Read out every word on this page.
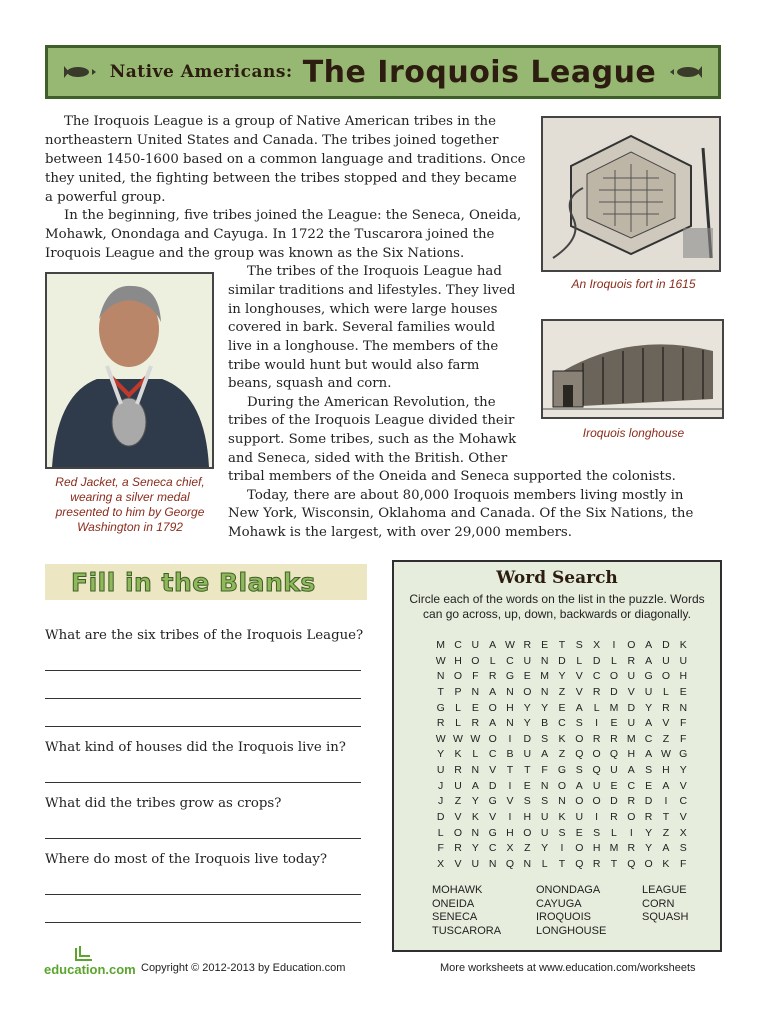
Native Americans: The Iroquois League

The Iroquois League is a group of Native American tribes in the

northeastern United States and Canada. The tribes joined together

between 1450-1600 based on a common language and traditions. Once

they united, the fighting between the tribes stopped and they became

a powerful group.

In the beginning, five tribes joined the League: the Seneca, Oneida,

Mohawk, Onondaga and Cayuga. In 1722 the Tuscarora joined the

Iroquois League and the group was known as the Six Nations.

The tribes of the Iroquois League had

similar traditions and lifestyles. They lived

in longhouses, which were large houses

covered in bark. Several families would

live in a longhouse. The members of the

tribe would hunt but would also farm

beans, squash and corn.

During the American Revolution, the

tribes of the Iroquois League divided their

support. Some tribes, such as the Mohawk

and Seneca, sided with the British. Other

tribal members of the Oneida and Seneca supported the colonists.

Today, there are about 80,000 Iroquois members living mostly in

New York, Wisconsin, Oklahoma and Canada. Of the Six Nations, the

Mohawk is the largest, with over 29,000 members.

An Iroquois fort in 1615
Iroquois longhouse
Red Jacket, a Seneca chief,
wearing a silver medal
presented to him by George
Washington in 1792
Fill in the Blanks
What are the six tribes of the Iroquois League?
What kind of houses did the Iroquois live in?
What did the tribes grow as crops?
Where do most of the Iroquois live today?
Word Search
Circle each of the words on the list in the puzzle. Words
can go across, up, down, backwards or diagonally.
M C U A W R E	T	S X	I	O A D K
W H O L	C U N D	L	D	L	R A U U
N O F R G E M Y V C O U G O H
T	P N A N O N Z	V R D V U	L	E
G L	E O H Y Y E A	L M D Y R N
R	L	R A N Y B C S	I	E U A V	F
W W W O	I	D S K O R R M C Z	F
Y K	L	C B U A	Z Q O Q H A W G
U R N V	T	T	F G S Q U A S H Y
J	U A D	I	E N O A U E C E A V
J	Z	Y G V S S N O O D R D	I	C
D V K V	I	H U K U	I	R O R T	V
L O N G H O U S E S	L	I	Y	Z	X
F R Y C X	Z	Y	I	O H M R Y A S
X V U N Q N	L	T Q R T Q O K	F
MOHAWK
ONEIDA
SENECA
TUSCARORA
ONONDAGA
CAYUGA
IROQUOIS
LONGHOUSE
LEAGUE
CORN
SQUASH
education.com Copyright © 2012-2013 by Education.com	More worksheets at www.education.com/worksheets
